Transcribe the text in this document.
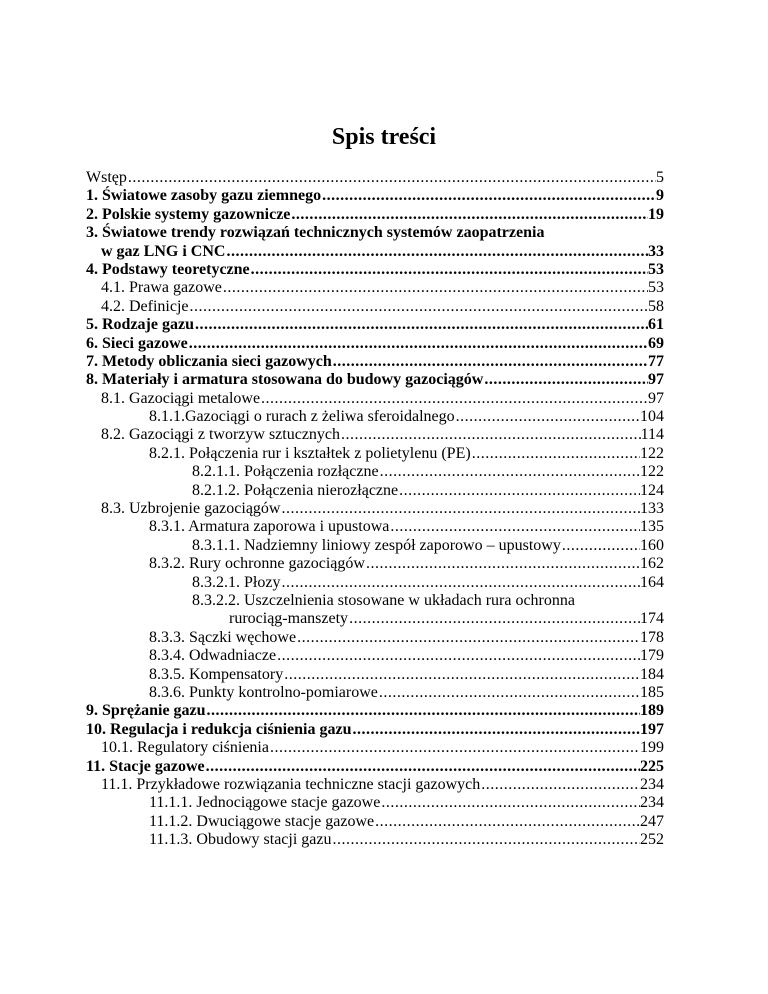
Spis treści
Wstęp .....	5
1. Światowe zasoby gazu ziemnego .....	9
2. Polskie systemy gazownicze .....	19
3. Światowe trendy rozwiązań technicznych systemów zaopatrzenia
w gaz LNG i CNC .....	33
4. Podstawy teoretyczne .....	53
4.1. Prawa gazowe .....	53
4.2. Definicje .....	58
5. Rodzaje gazu .....	61
6. Sieci gazowe .....	69
7. Metody obliczania sieci gazowych .....	77
8. Materiały i armatura stosowana do budowy gazociągów .....	97
8.1. Gazociągi metalowe .....	97
8.1.1.Gazociągi o rurach z żeliwa sferoidalnego .....	104
8.2. Gazociągi z tworzyw sztucznych .....	114
8.2.1. Połączenia rur i kształtek z polietylenu (PE) .....	122
8.2.1.1. Połączenia rozłączne .....	122
8.2.1.2. Połączenia nierozłączne .....	124
8.3. Uzbrojenie gazociągów .....	133
8.3.1. Armatura zaporowa i upustowa .....	135
8.3.1.1. Nadziemny liniowy zespół zaporowo – upustowy .....	160
8.3.2. Rury ochronne gazociągów .....	162
8.3.2.1. Płozy .....	164
8.3.2.2. Uszczelnienia stosowane w układach rura ochronna
rurociąg-manszety .....	174
8.3.3. Sączki węchowe .....	178
8.3.4. Odwadniacze .....	179
8.3.5. Kompensatory .....	184
8.3.6. Punkty kontrolno-pomiarowe .....	185
9. Sprężanie gazu .....	189
10. Regulacja i redukcja ciśnienia gazu .....	197
10.1. Regulatory ciśnienia .....	199
11. Stacje gazowe .....	225
11.1. Przykładowe rozwiązania techniczne stacji gazowych .....	234
11.1.1. Jednociągowe stacje gazowe .....	234
11.1.2. Dwuciągowe stacje gazowe .....	247
11.1.3. Obudowy stacji gazu .....	252
